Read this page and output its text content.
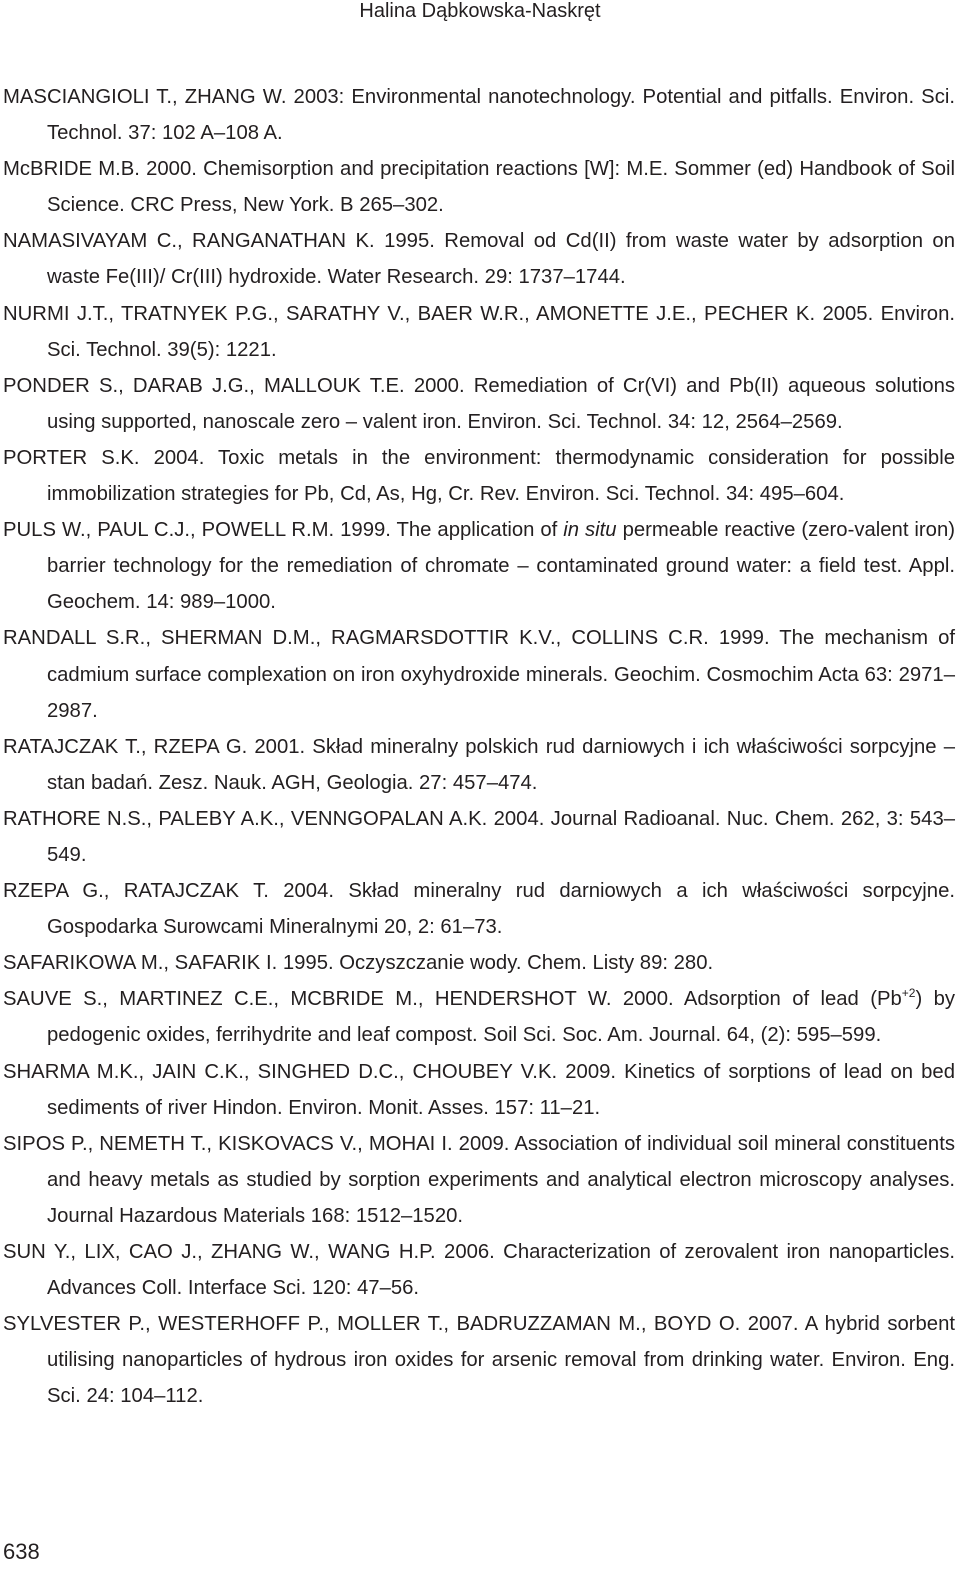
Halina Dąbkowska-Naskręt

MASCIANGIOLI T., ZHANG W. 2003: Environmental nanotechnology. Potential and pitfalls. Environ. Sci. Technol. 37: 102 A–108 A.

McBRIDE M.B. 2000. Chemisorption and precipitation reactions [W]: M.E. Sommer (ed) Handbook of Soil Science. CRC Press, New York. B 265–302.

NAMASIVAYAM C., RANGANATHAN K. 1995. Removal od Cd(II) from waste water by adsorption on waste Fe(III)/ Cr(III) hydroxide. Water Research. 29: 1737–1744.

NURMI J.T., TRATNYEK P.G., SARATHY V., BAER W.R., AMONETTE J.E., PECHER K. 2005. Environ. Sci. Technol. 39(5): 1221.

PONDER S., DARAB J.G., MALLOUK T.E. 2000. Remediation of Cr(VI) and Pb(II) aqueous solutions using supported, nanoscale zero – valent iron. Environ. Sci. Technol. 34: 12, 2564–2569.

PORTER S.K. 2004. Toxic metals in the environment: thermodynamic consideration for possible immobilization strategies for Pb, Cd, As, Hg, Cr. Rev. Environ. Sci. Technol. 34: 495–604.

PULS W., PAUL C.J., POWELL R.M. 1999. The application of in situ permeable reactive (zero-valent iron) barrier technology for the remediation of chromate – contaminated ground water: a field test. Appl. Geochem. 14: 989–1000.

RANDALL S.R., SHERMAN D.M., RAGMARSDOTTIR K.V., COLLINS C.R. 1999. The mechanism of cadmium surface complexation on iron oxyhydroxide minerals. Geochim. Cosmochim Acta 63: 2971–2987.

RATAJCZAK T., RZEPA G. 2001. Skład mineralny polskich rud darniowych i ich właściwości sorpcyjne – stan badań. Zesz. Nauk. AGH, Geologia. 27: 457–474.

RATHORE N.S., PALEBY A.K., VENNGOPALAN A.K. 2004. Journal Radioanal. Nuc. Chem. 262, 3: 543–549.

RZEPA G., RATAJCZAK T. 2004. Skład mineralny rud darniowych a ich właściwości sorpcyjne. Gospodarka Surowcami Mineralnymi 20, 2: 61–73.

SAFARIKOWA M., SAFARIK I. 1995. Oczyszczanie wody. Chem. Listy 89: 280.

SAUVE S., MARTINEZ C.E., MCBRIDE M., HENDERSHOT W. 2000. Adsorption of lead $(Pb^{+2})$ by pedogenic oxides, ferrihydrite and leaf compost. Soil Sci. Soc. Am. Journal. 64, (2): 595–599.

SHARMA M.K., JAIN C.K., SINGHED D.C., CHOUBEY V.K. 2009. Kinetics of sorptions of lead on bed sediments of river Hindon. Environ. Monit. Asses. 157: 11–21.

SIPOS P., NEMETH T., KISKOVACS V., MOHAI I. 2009. Association of individual soil mineral constituents and heavy metals as studied by sorption experiments and analytical electron microscopy analyses. Journal Hazardous Materials 168: 1512–1520.

SUN Y., LIX, CAO J., ZHANG W., WANG H.P. 2006. Characterization of zerovalent iron nanoparticles. Advances Coll. Interface Sci. 120: 47–56.

SYLVESTER P., WESTERHOFF P., MOLLER T., BADRUZZAMAN M., BOYD O. 2007. A hybrid sorbent utilising nanoparticles of hydrous iron oxides for arsenic removal from drinking water. Environ. Eng. Sci. 24: 104–112.

638
